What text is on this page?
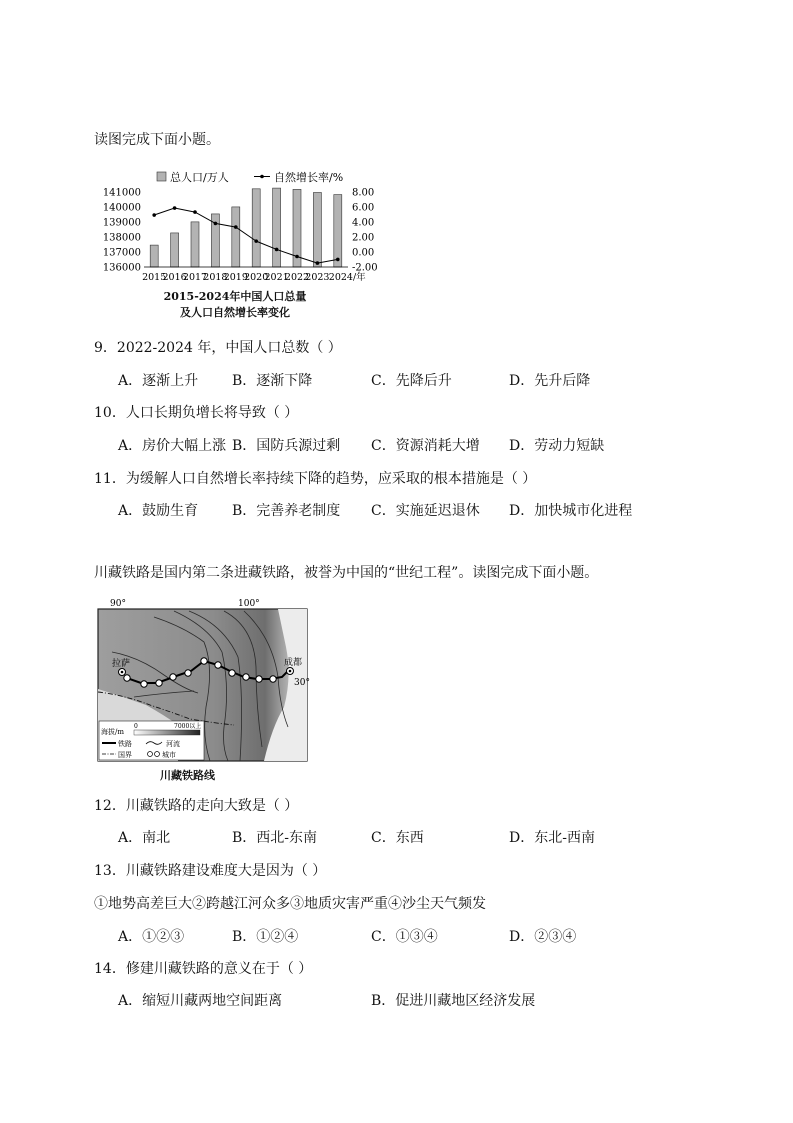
读图完成下面小题。
总人口/万人	自然增长率/%
141000
140000
139000
138000
137000
136000
8.00
6.00
4.00
2.00
0.00
-2.00
2015
2016
2017
2018
2019
2020
2021
2022
2023 2024/年
2015-2024年中国人口总量
及人口自然增长率变化
9．2022-2024 年，中国人口总数（ ）
A．逐渐上升 B．逐渐下降	C．先降后升	D．先升后降
10．人口长期负增长将导致（ ）
A．房价大幅上涨 B．国防兵源过剩 C．资源消耗大增 D．劳动力短缺
11．为缓解人口自然增长率持续下降的趋势，应采取的根本措施是（ ）
A．鼓励生育 B．完善养老制度 C．实施延迟退休 D．加快城市化进程
川藏铁路是国内第二条进藏铁路，被誉为中国的“世纪工程”。读图完成下面小题。
90°	100°
拉萨	成都
30°
海拔/m
0	7000以上
铁路	河流
国界	城市
川藏铁路线
12．川藏铁路的走向大致是（ ）
A．南北	B．西北-东南	C．东西	D．东北-西南
13．川藏铁路建设难度大是因为（ ）
①地势高差巨大②跨越江河众多③地质灾害严重④沙尘天气频发
A．①②③	B．①②④	C．①③④	D．②③④
14．修建川藏铁路的意义在于（ ）
A．缩短川藏两地空间距离	B．促进川藏地区经济发展
